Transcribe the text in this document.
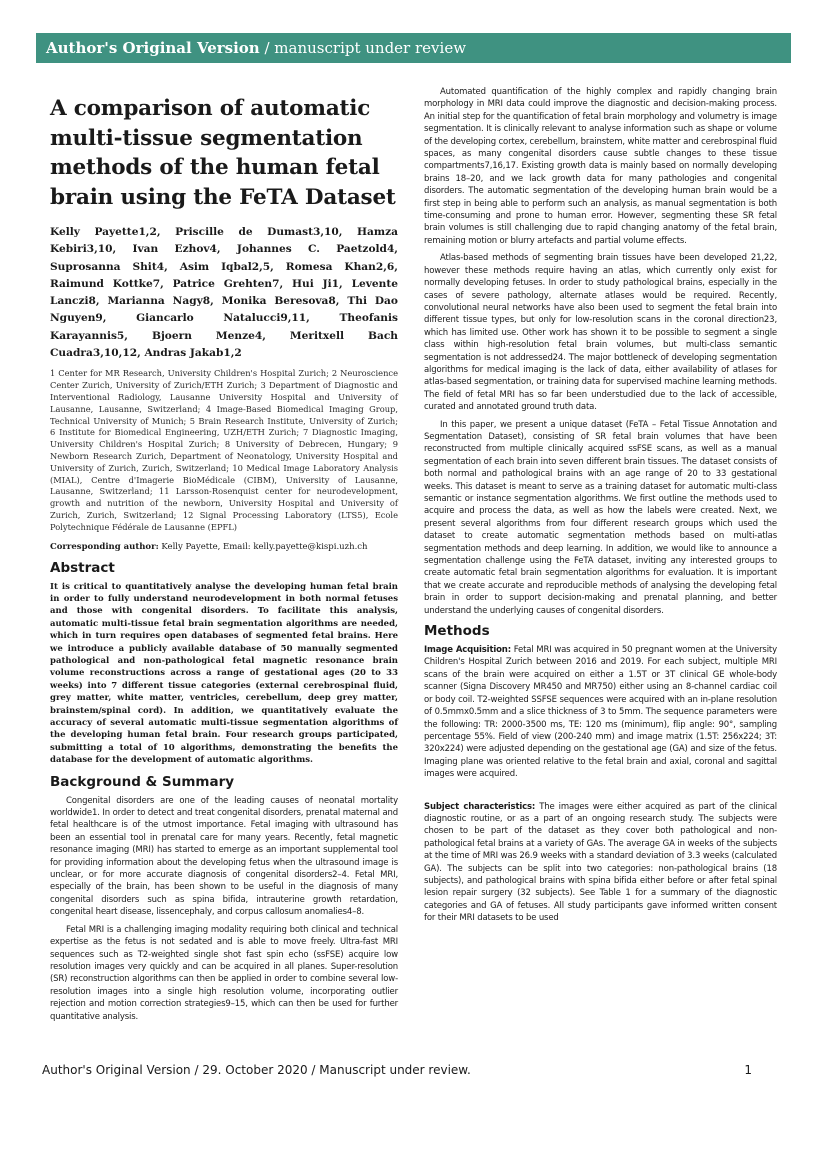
Author's Original Version / manuscript under review
A comparison of automatic multi-tissue segmentation methods of the human fetal brain using the FeTA Dataset
Kelly Payette1,2, Priscille de Dumast3,10, Hamza Kebiri3,10, Ivan Ezhov4, Johannes C. Paetzold4, Suprosanna Shit4, Asim Iqbal2,5, Romesa Khan2,6, Raimund Kottke7, Patrice Grehten7, Hui Ji1, Levente Lanczi8, Marianna Nagy8, Monika Beresova8, Thi Dao Nguyen9, Giancarlo Natalucci9,11, Theofanis Karayannis5, Bjoern Menze4, Meritxell Bach Cuadra3,10,12, Andras Jakab1,2
1 Center for MR Research, University Children's Hospital Zurich; 2 Neuroscience Center Zurich, University of Zurich/ETH Zurich; 3 Department of Diagnostic and Interventional Radiology, Lausanne University Hospital and University of Lausanne, Lausanne, Switzerland; 4 Image-Based Biomedical Imaging Group, Technical University of Munich; 5 Brain Research Institute, University of Zurich; 6 Institute for Biomedical Engineering, UZH/ETH Zurich; 7 Diagnostic Imaging, University Children's Hospital Zurich; 8 University of Debrecen, Hungary; 9 Newborn Research Zurich, Department of Neonatology, University Hospital and University of Zurich, Zurich, Switzerland; 10 Medical Image Laboratory Analysis (MIAL), Centre d'Imagerie BioMédicale (CIBM), University of Lausanne, Lausanne, Switzerland; 11 Larsson-Rosenquist center for neurodevelopment, growth and nutrition of the newborn, University Hospital and University of Zurich, Zurich, Switzerland; 12 Signal Processing Laboratory (LTS5), Ecole Polytechnique Fédérale de Lausanne (EPFL)
Corresponding author: Kelly Payette, Email: kelly.payette@kispi.uzh.ch
Abstract
It is critical to quantitatively analyse the developing human fetal brain in order to fully understand neurodevelopment in both normal fetuses and those with congenital disorders. To facilitate this analysis, automatic multi-tissue fetal brain segmentation algorithms are needed, which in turn requires open databases of segmented fetal brains. Here we introduce a publicly available database of 50 manually segmented pathological and non-pathological fetal magnetic resonance brain volume reconstructions across a range of gestational ages (20 to 33 weeks) into 7 different tissue categories (external cerebrospinal fluid, grey matter, white matter, ventricles, cerebellum, deep grey matter, brainstem/spinal cord). In addition, we quantitatively evaluate the accuracy of several automatic multi-tissue segmentation algorithms of the developing human fetal brain. Four research groups participated, submitting a total of 10 algorithms, demonstrating the benefits the database for the development of automatic algorithms.
Background & Summary

Congenital disorders are one of the leading causes of neonatal mortality worldwide1. In order to detect and treat congenital disorders, prenatal maternal and fetal healthcare is of the utmost importance. Fetal imaging with ultrasound has been an essential tool in prenatal care for many years. Recently, fetal magnetic resonance imaging (MRI) has started to emerge as an important supplemental tool for providing information about the developing fetus when the ultrasound image is unclear, or for more accurate diagnosis of congenital disorders2–4. Fetal MRI, especially of the brain, has been shown to be useful in the diagnosis of many congenital disorders such as spina bifida, intrauterine growth retardation, congenital heart disease, lissencephaly, and corpus callosum anomalies4–8.

Fetal MRI is a challenging imaging modality requiring both clinical and technical expertise as the fetus is not sedated and is able to move freely. Ultra-fast MRI sequences such as T2-weighted single shot fast spin echo (ssFSE) acquire low resolution images very quickly and can be acquired in all planes. Super-resolution (SR) reconstruction algorithms can then be applied in order to combine several low-resolution images into a single high resolution volume, incorporating outlier rejection and motion correction strategies9–15, which can then be used for further quantitative analysis.

Automated quantification of the highly complex and rapidly changing brain morphology in MRI data could improve the diagnostic and decision-making process. An initial step for the quantification of fetal brain morphology and volumetry is image segmentation. It is clinically relevant to analyse information such as shape or volume of the developing cortex, cerebellum, brainstem, white matter and cerebrospinal fluid spaces, as many congenital disorders cause subtle changes to these tissue compartments7,16,17. Existing growth data is mainly based on normally developing brains 18–20, and we lack growth data for many pathologies and congenital disorders. The automatic segmentation of the developing human brain would be a first step in being able to perform such an analysis, as manual segmentation is both time-consuming and prone to human error. However, segmenting these SR fetal brain volumes is still challenging due to rapid changing anatomy of the fetal brain, remaining motion or blurry artefacts and partial volume effects.

Atlas-based methods of segmenting brain tissues have been developed 21,22, however these methods require having an atlas, which currently only exist for normally developing fetuses. In order to study pathological brains, especially in the cases of severe pathology, alternate atlases would be required. Recently, convolutional neural networks have also been used to segment the fetal brain into different tissue types, but only for low-resolution scans in the coronal direction23, which has limited use. Other work has shown it to be possible to segment a single class within high-resolution fetal brain volumes, but multi-class semantic segmentation is not addressed24. The major bottleneck of developing segmentation algorithms for medical imaging is the lack of data, either availability of atlases for atlas-based segmentation, or training data for supervised machine learning methods. The field of fetal MRI has so far been understudied due to the lack of accessible, curated and annotated ground truth data.

In this paper, we present a unique dataset (FeTA – Fetal Tissue Annotation and Segmentation Dataset), consisting of SR fetal brain volumes that have been reconstructed from multiple clinically acquired ssFSE scans, as well as a manual segmentation of each brain into seven different brain tissues. The dataset consists of both normal and pathological brains with an age range of 20 to 33 gestational weeks. This dataset is meant to serve as a training dataset for automatic multi-class semantic or instance segmentation algorithms. We first outline the methods used to acquire and process the data, as well as how the labels were created. Next, we present several algorithms from four different research groups which used the dataset to create automatic segmentation methods based on multi-atlas segmentation methods and deep learning. In addition, we would like to announce a segmentation challenge using the FeTA dataset, inviting any interested groups to create automatic fetal brain segmentation algorithms for evaluation. It is important that we create accurate and reproducible methods of analysing the developing fetal brain in order to support decision-making and prenatal planning, and better understand the underlying causes of congenital disorders.

Methods

Image Acquisition: Fetal MRI was acquired in 50 pregnant women at the University Children's Hospital Zurich between 2016 and 2019. For each subject, multiple MRI scans of the brain were acquired on either a 1.5T or 3T clinical GE whole-body scanner (Signa Discovery MR450 and MR750) either using an 8-channel cardiac coil or body coil. T2-weighted SSFSE sequences were acquired with an in-plane resolution of 0.5mmx0.5mm and a slice thickness of 3 to 5mm. The sequence parameters were the following: TR: 2000-3500 ms, TE: 120 ms (minimum), flip angle: 90°, sampling percentage 55%. Field of view (200-240 mm) and image matrix (1.5T: 256x224; 3T: 320x224) were adjusted depending on the gestational age (GA) and size of the fetus. Imaging plane was oriented relative to the fetal brain and axial, coronal and sagittal images were acquired.

Subject characteristics: The images were either acquired as part of the clinical diagnostic routine, or as a part of an ongoing research study. The subjects were chosen to be part of the dataset as they cover both pathological and non-pathological fetal brains at a variety of GAs. The average GA in weeks of the subjects at the time of MRI was 26.9 weeks with a standard deviation of 3.3 weeks (calculated GA). The subjects can be split into two categories: non-pathological brains (18 subjects), and pathological brains with spina bifida either before or after fetal spinal lesion repair surgery (32 subjects). See Table 1 for a summary of the diagnostic categories and GA of fetuses. All study participants gave informed written consent for their MRI datasets to be used

Author's Original Version / 29. October 2020 / Manuscript under review.	1
